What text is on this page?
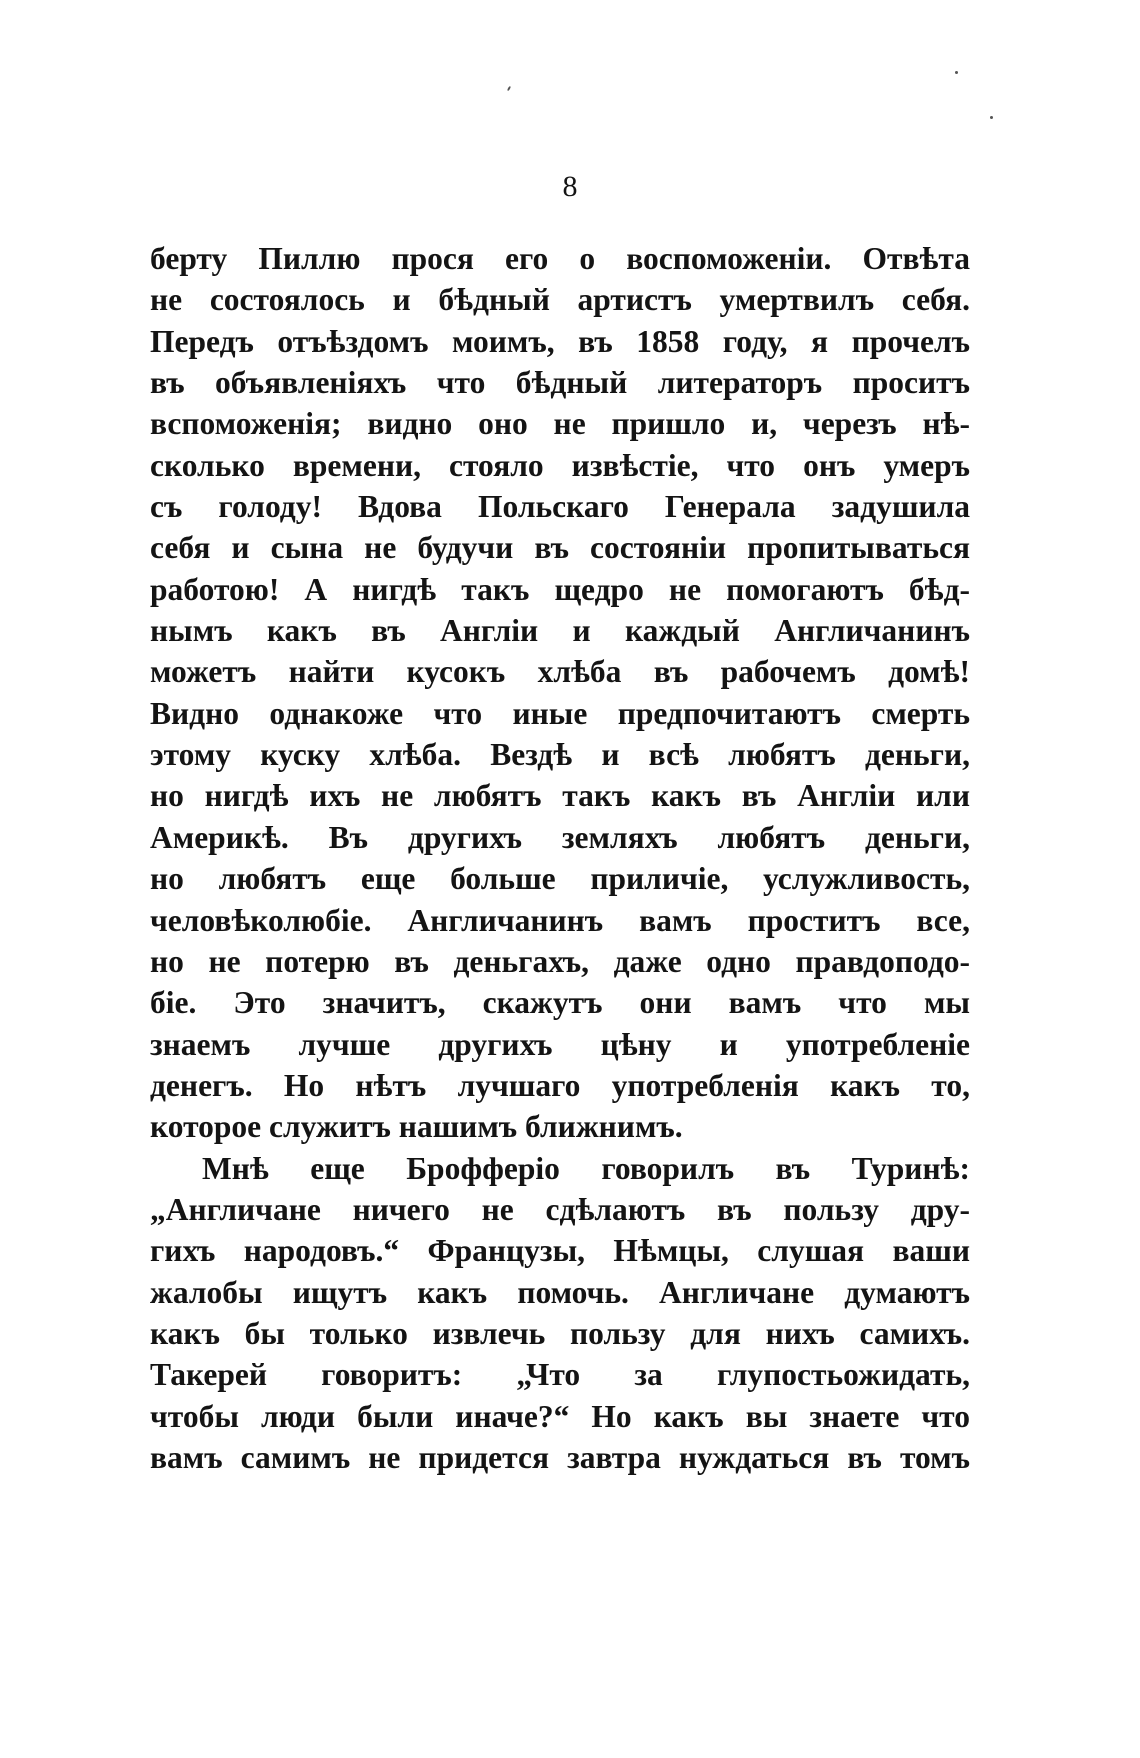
8
берту Пиллю прося его о воспоможенiи. Отвѣта
не состоялось и бѣдный артистъ умертвилъ себя.
Передъ отъѣздомъ моимъ, въ 1858 году, я прочелъ
въ объявленiяхъ что бѣдный литераторъ проситъ
вспоможенiя; видно оно не пришло и, черезъ нѣ-
сколько времени, стояло извѣстiе, что онъ умеръ
съ голоду! Вдова Польскаго Генерала задушила
себя и сына не будучи въ состоянiи пропитываться
работою! А нигдѣ такъ щедро не помогаютъ бѣд-
нымъ какъ въ Англiи и каждый Англичанинъ
можетъ найти кусокъ хлѣба въ рабочемъ домѣ!
Видно однакоже что иные предпочитаютъ смерть
этому куску хлѣба. Вездѣ и всѣ любятъ деньги,
но нигдѣ ихъ не любятъ такъ какъ въ Англiи или
Америкѣ. Въ другихъ земляхъ любятъ деньги,
но любятъ еще больше приличiе, услужливость,
человѣколюбiе. Англичанинъ вамъ проститъ все,
но не потерю въ деньгахъ, даже одно правдоподо-
бiе. Это значитъ, скажутъ они вамъ что мы
знаемъ лучше другихъ цѣну и употребленiе
денегъ. Но нѣтъ лучшаго употребленiя какъ то,
которое служитъ нашимъ ближнимъ.
Мнѣ еще Брофферiо говорилъ въ Туринѣ:
„Англичане ничего не сдѣлаютъ въ пользу дру-
гихъ народовъ.“ Французы, Нѣмцы, слушая ваши
жалобы ищутъ какъ помочь. Англичане думаютъ
какъ бы только извлечь пользу для нихъ самихъ.
Такерей говоритъ: „Что за глупостьожидать,
чтобы люди были иначе?“ Но какъ вы знаете что
вамъ самимъ не придется завтра нуждаться въ томъ
